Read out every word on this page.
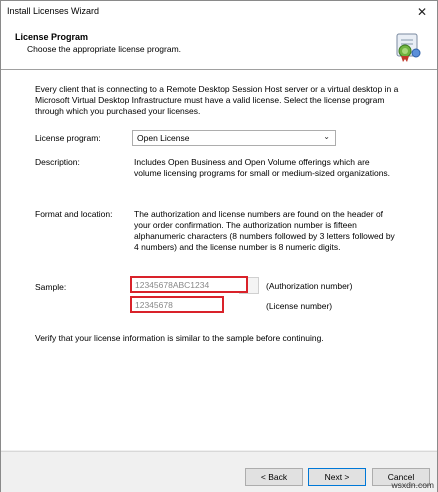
Install Licenses Wizard	✕
License Program
Choose the appropriate license program.
Every client that is connecting to a Remote Desktop Session Host server or a virtual desktop in a Microsoft Virtual Desktop Infrastructure must have a valid license. Select the license program through which you purchased your licenses.
License program:	Open License	⌄
Description:	Includes Open Business and Open Volume offerings which are volume licensing programs for small or medium-sized organizations.
Format and location:	The authorization and license numbers are found on the header of your order confirmation. The authorization number is fifteen alphanumeric characters (8 numbers followed by 3 letters followed by 4 numbers) and the license number is 8 numeric digits.
Sample:	12345678ABC1234	(Authorization number)
12345678	(License number)
Verify that your license information is similar to the sample before continuing.
< Back	Next >	Cancel
wsxdn.com
